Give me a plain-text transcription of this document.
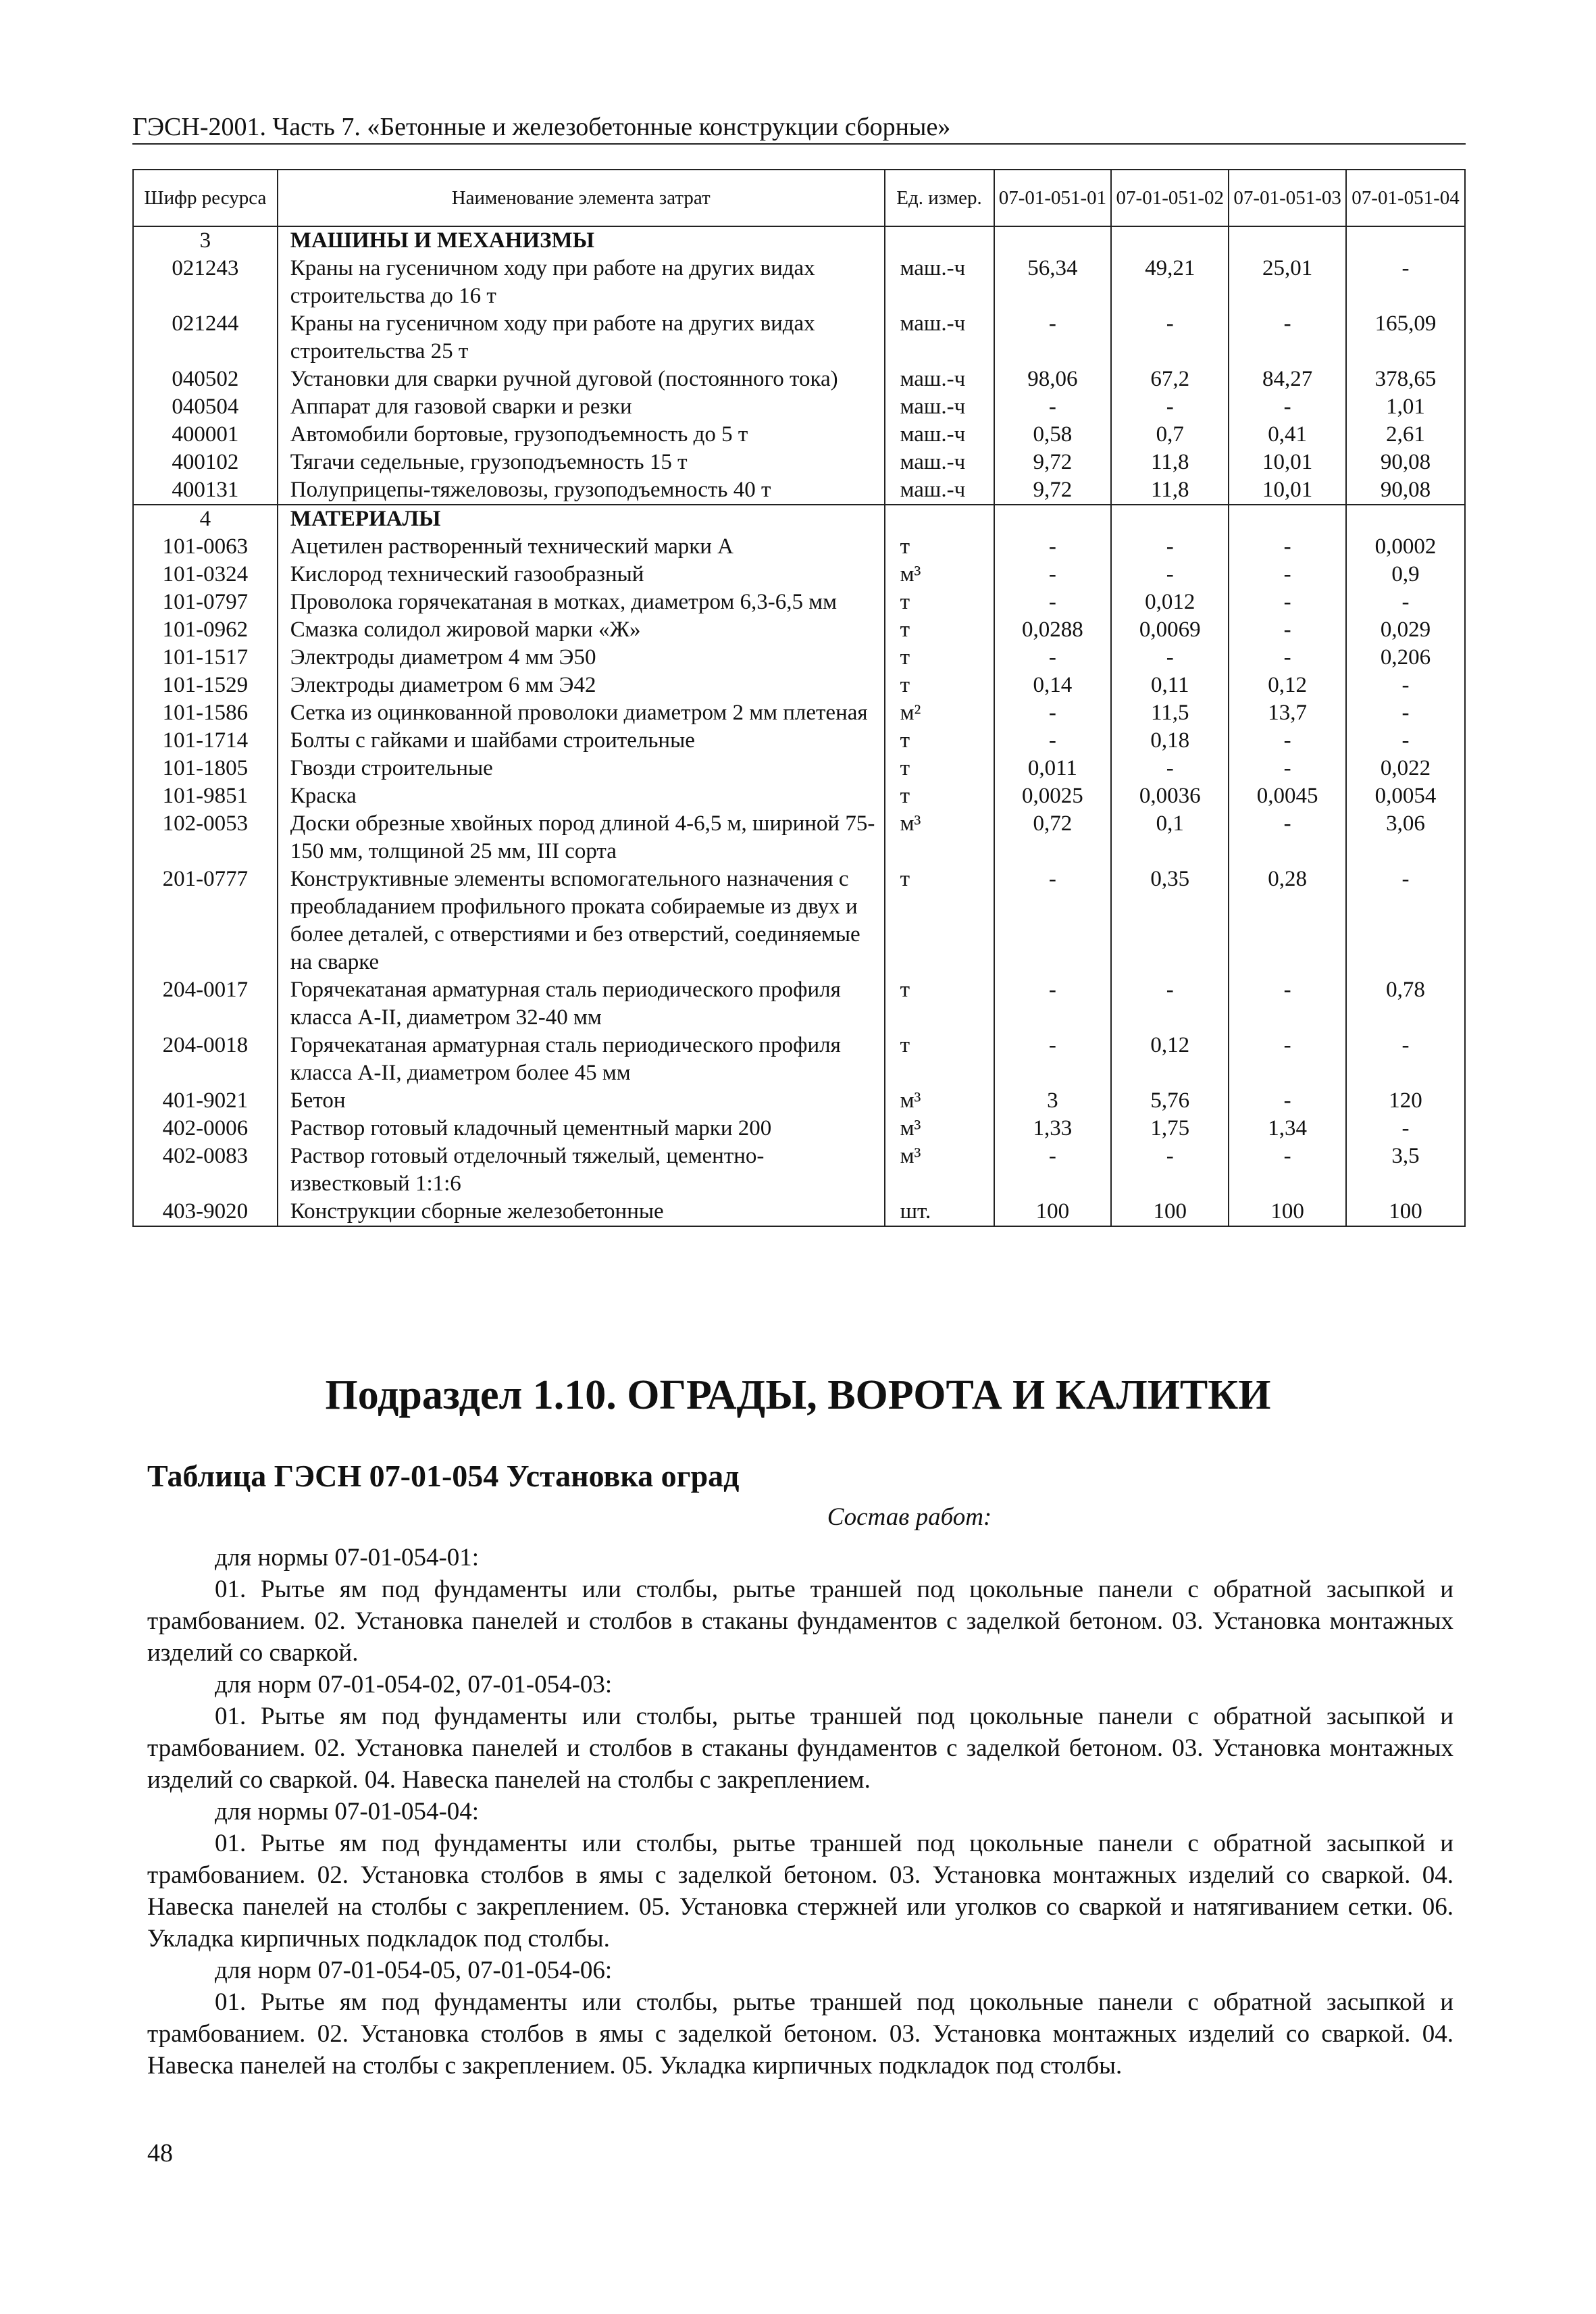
ГЭСН-2001. Часть 7. «Бетонные и железобетонные конструкции сборные»
Шифр ресурса	Наименование элемента затрат	Ед. измер.	07-01-051-01	07-01-051-02	07-01-051-03	07-01-051-04
3	МАШИНЫ И МЕХАНИЗМЫ					
021243	Краны на гусеничном ходу при работе на других видах строительства до 16 т	маш.-ч	56,34	49,21	25,01	-
021244	Краны на гусеничном ходу при работе на других видах строительства 25 т	маш.-ч	-	-	-	165,09
040502	Установки для сварки ручной дуговой (постоянного тока)	маш.-ч	98,06	67,2	84,27	378,65
040504	Аппарат для газовой сварки и резки	маш.-ч	-	-	-	1,01
400001	Автомобили бортовые, грузоподъемность до 5 т	маш.-ч	0,58	0,7	0,41	2,61
400102	Тягачи седельные, грузоподъемность 15 т	маш.-ч	9,72	11,8	10,01	90,08
400131	Полуприцепы-тяжеловозы, грузоподъемность 40 т	маш.-ч	9,72	11,8	10,01	90,08
4	МАТЕРИАЛЫ					
101-0063	Ацетилен растворенный технический марки А	т	-	-	-	0,0002
101-0324	Кислород технический газообразный	м³	-	-	-	0,9
101-0797	Проволока горячекатаная в мотках, диаметром 6,3-6,5 мм	т	-	0,012	-	-
101-0962	Смазка солидол жировой марки «Ж»	т	0,0288	0,0069	-	0,029
101-1517	Электроды диаметром 4 мм Э50	т	-	-	-	0,206
101-1529	Электроды диаметром 6 мм Э42	т	0,14	0,11	0,12	-
101-1586	Сетка из оцинкованной проволоки диаметром 2 мм плетеная	м²	-	11,5	13,7	-
101-1714	Болты с гайками и шайбами строительные	т	-	0,18	-	-
101-1805	Гвозди строительные	т	0,011	-	-	0,022
101-9851	Краска	т	0,0025	0,0036	0,0045	0,0054
102-0053	Доски обрезные хвойных пород длиной 4-6,5 м, шириной 75-150 мм, толщиной 25 мм, III сорта	м³	0,72	0,1	-	3,06
201-0777	Конструктивные элементы вспомогательного назначения с преобладанием профильного проката собираемые из двух и более деталей, с отверстиями и без отверстий, соединяемые на сварке	т	-	0,35	0,28	-
204-0017	Горячекатаная арматурная сталь периодического профиля класса А-II, диаметром 32-40 мм	т	-	-	-	0,78
204-0018	Горячекатаная арматурная сталь периодического профиля класса А-II, диаметром более 45 мм	т	-	0,12	-	-
401-9021	Бетон	м³	3	5,76	-	120
402-0006	Раствор готовый кладочный цементный марки 200	м³	1,33	1,75	1,34	-
402-0083	Раствор готовый отделочный тяжелый, цементно-известковый 1:1:6	м³	-	-	-	3,5
403-9020	Конструкции сборные железобетонные	шт.	100	100	100	100
Подраздел 1.10. ОГРАДЫ, ВОРОТА И КАЛИТКИ
Таблица ГЭСН 07-01-054 Установка оград
Состав работ:

для нормы 07-01-054-01:

01. Рытье ям под фундаменты или столбы, рытье траншей под цокольные панели с обратной засыпкой и трамбованием. 02. Установка панелей и столбов в стаканы фундаментов с заделкой бетоном. 03. Установка монтажных изделий со сваркой.

для норм 07-01-054-02, 07-01-054-03:

01. Рытье ям под фундаменты или столбы, рытье траншей под цокольные панели с обратной засыпкой и трамбованием. 02. Установка панелей и столбов в стаканы фундаментов с заделкой бетоном. 03. Установка монтажных изделий со сваркой. 04. Навеска панелей на столбы с закреплением.

для нормы 07-01-054-04:

01. Рытье ям под фундаменты или столбы, рытье траншей под цокольные панели с обратной засыпкой и трамбованием. 02. Установка столбов в ямы с заделкой бетоном. 03. Установка монтажных изделий со сваркой. 04. Навеска панелей на столбы с закреплением. 05. Установка стержней или уголков со сваркой и натягиванием сетки. 06. Укладка кирпичных подкладок под столбы.

для норм 07-01-054-05, 07-01-054-06:

01. Рытье ям под фундаменты или столбы, рытье траншей под цокольные панели с обратной засыпкой и трамбованием. 02. Установка столбов в ямы с заделкой бетоном. 03. Установка монтажных изделий со сваркой. 04. Навеска панелей на столбы с закреплением. 05. Укладка кирпичных подкладок под столбы.

48
